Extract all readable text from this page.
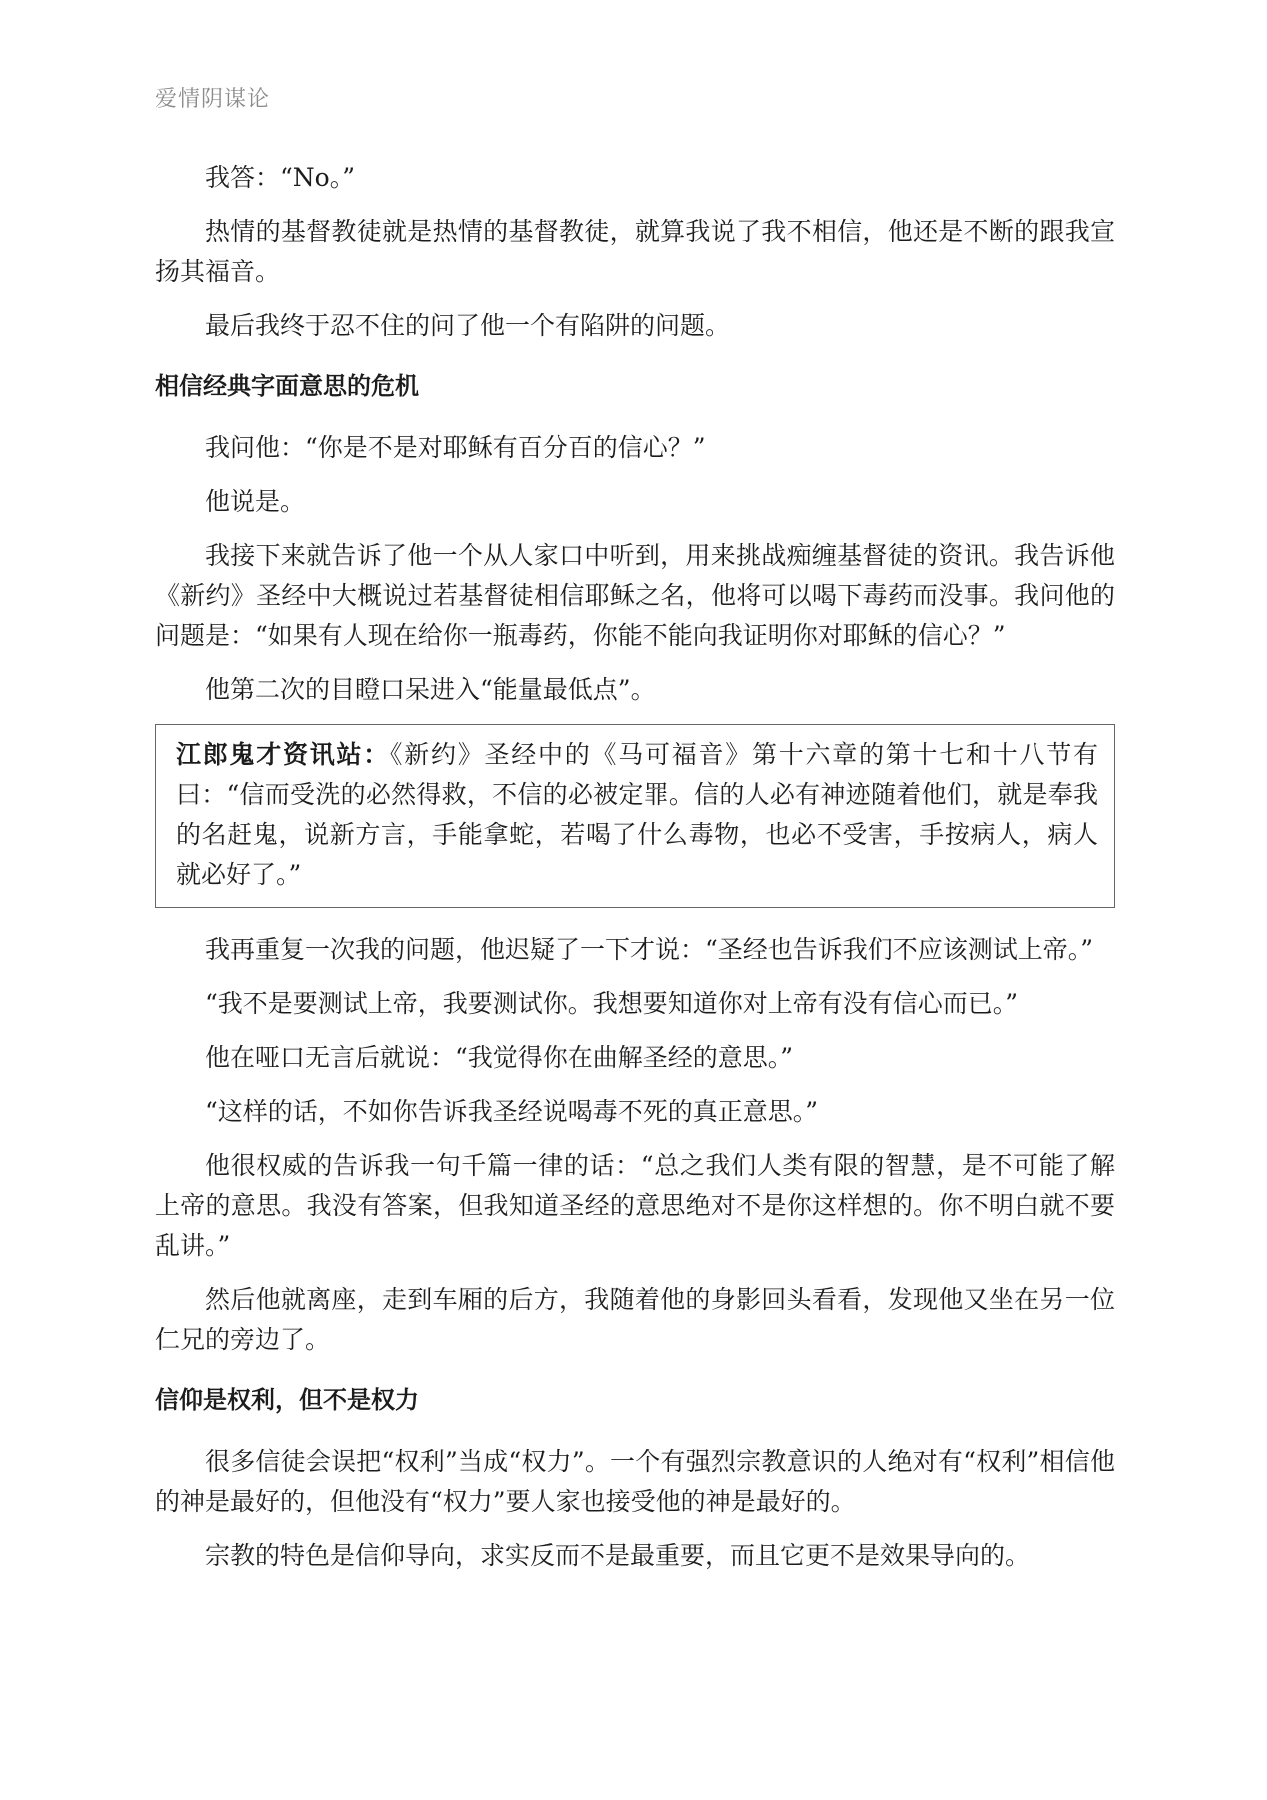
爱情阴谋论

我答：“No。”

热情的基督教徒就是热情的基督教徒，就算我说了我不相信，他还是不断的跟我宣扬其福音。

最后我终于忍不住的问了他一个有陷阱的问题。

相信经典字面意思的危机

我问他：“你是不是对耶稣有百分百的信心？”

他说是。

我接下来就告诉了他一个从人家口中听到，用来挑战痴缠基督徒的资讯。我告诉他《新约》圣经中大概说过若基督徒相信耶稣之名，他将可以喝下毒药而没事。我问他的问题是：“如果有人现在给你一瓶毒药，你能不能向我证明你对耶稣的信心？”

他第二次的目瞪口呆进入“能量最低点”。

江郎鬼才资讯站：《新约》圣经中的《马可福音》第十六章的第十七和十八节有曰：“信而受洗的必然得救，不信的必被定罪。信的人必有神迹随着他们，就是奉我的名赶鬼，说新方言，手能拿蛇，若喝了什么毒物，也必不受害，手按病人，病人就必好了。”

我再重复一次我的问题，他迟疑了一下才说：“圣经也告诉我们不应该测试上帝。”

“我不是要测试上帝，我要测试你。我想要知道你对上帝有没有信心而已。”

他在哑口无言后就说：“我觉得你在曲解圣经的意思。”

“这样的话，不如你告诉我圣经说喝毒不死的真正意思。”

他很权威的告诉我一句千篇一律的话：“总之我们人类有限的智慧，是不可能了解上帝的意思。我没有答案，但我知道圣经的意思绝对不是你这样想的。你不明白就不要乱讲。”

然后他就离座，走到车厢的后方，我随着他的身影回头看看，发现他又坐在另一位仁兄的旁边了。

信仰是权利，但不是权力

很多信徒会误把“权利”当成“权力”。一个有强烈宗教意识的人绝对有“权利”相信他的神是最好的，但他没有“权力”要人家也接受他的神是最好的。

宗教的特色是信仰导向，求实反而不是最重要，而且它更不是效果导向的。
